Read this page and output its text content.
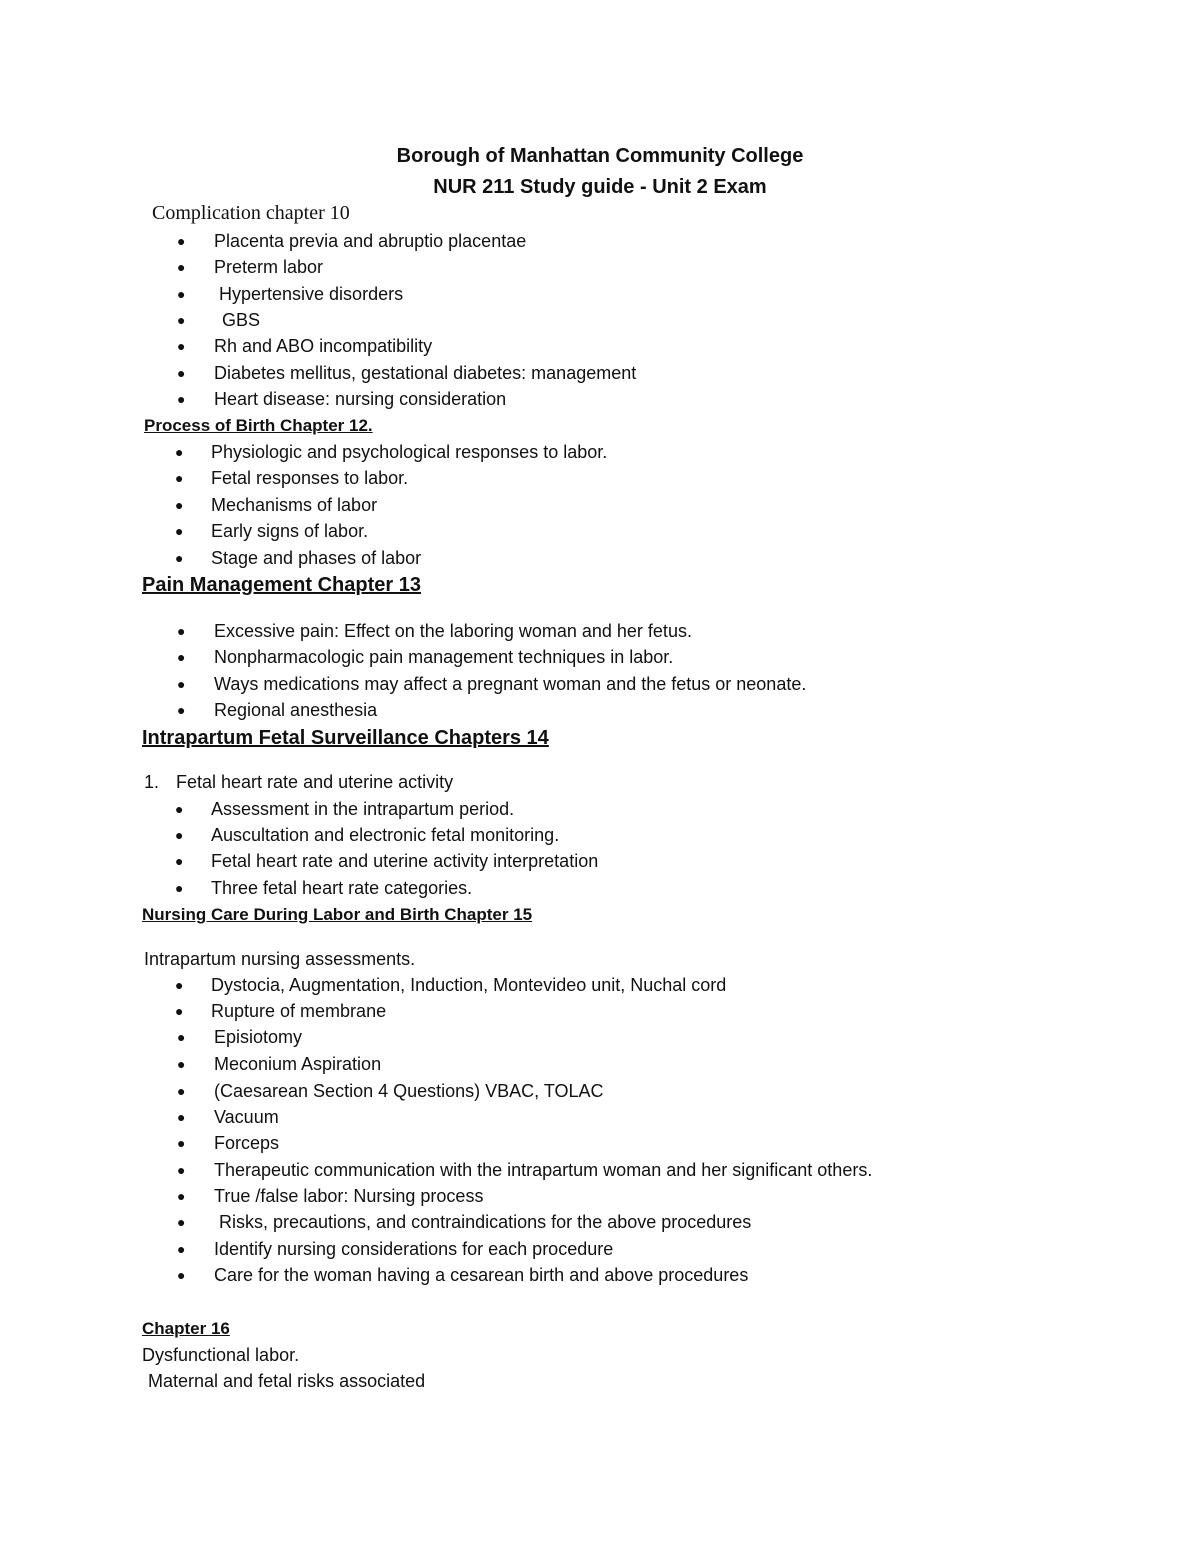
Borough of Manhattan Community College
NUR 211 Study guide - Unit 2 Exam
Complication chapter 10
● Placenta previa and abruptio placentae
● Preterm labor
● Hypertensive disorders
● GBS
● Rh and ABO incompatibility
● Diabetes mellitus, gestational diabetes: management
● Heart disease: nursing consideration
Process of Birth Chapter 12.
● Physiologic and psychological responses to labor.
● Fetal responses to labor.
● Mechanisms of labor
● Early signs of labor.
● Stage and phases of labor
Pain Management Chapter 13
● Excessive pain: Effect on the laboring woman and her fetus.
● Nonpharmacologic pain management techniques in labor.
● Ways medications may affect a pregnant woman and the fetus or neonate.
● Regional anesthesia
Intrapartum Fetal Surveillance Chapters 14
1. Fetal heart rate and uterine activity
● Assessment in the intrapartum period.
● Auscultation and electronic fetal monitoring.
● Fetal heart rate and uterine activity interpretation
● Three fetal heart rate categories.
Nursing Care During Labor and Birth Chapter 15
Intrapartum nursing assessments.
● Dystocia, Augmentation, Induction, Montevideo unit, Nuchal cord
● Rupture of membrane
● Episiotomy
● Meconium Aspiration
● (Caesarean Section 4 Questions) VBAC, TOLAC
● Vacuum
● Forceps
● Therapeutic communication with the intrapartum woman and her significant others.
● True /false labor: Nursing process
● Risks, precautions, and contraindications for the above procedures
● Identify nursing considerations for each procedure
● Care for the woman having a cesarean birth and above procedures
Chapter 16
Dysfunctional labor.
Maternal and fetal risks associated
